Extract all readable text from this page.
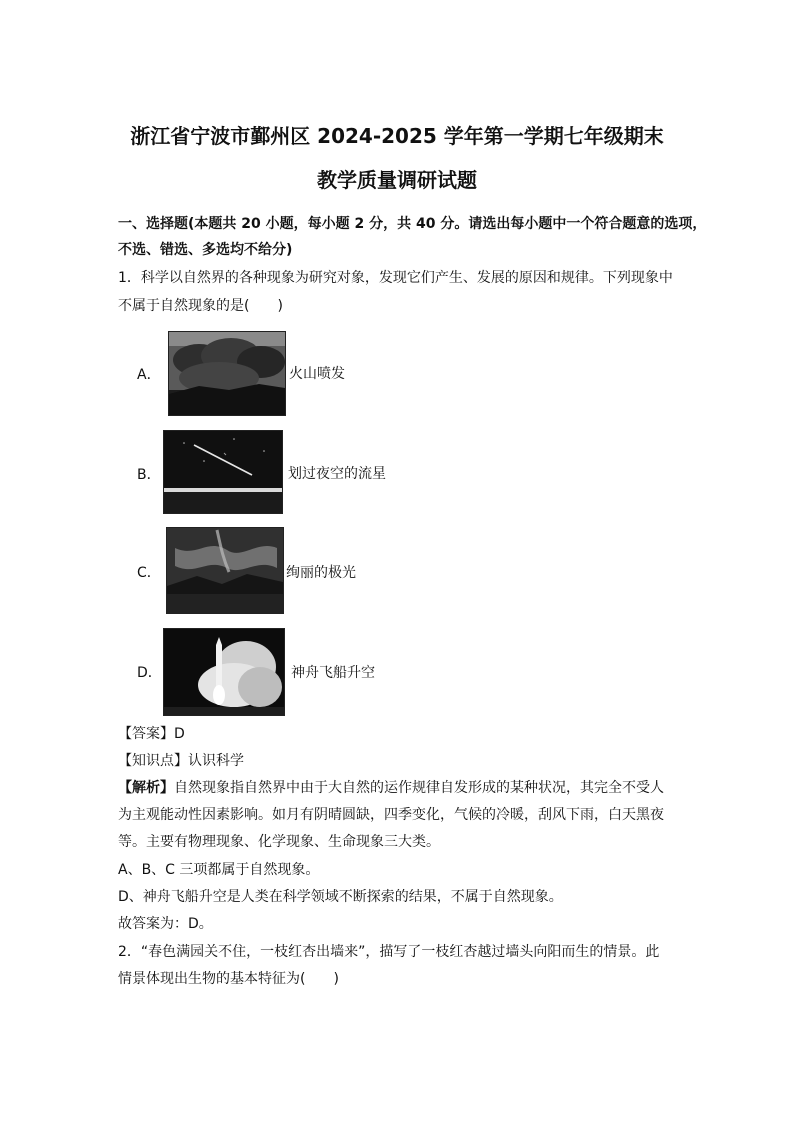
浙江省宁波市鄞州区 2024-2025 学年第一学期七年级期末
教学质量调研试题
一、选择题(本题共 20 小题，每小题 2 分，共 40 分。请选出每小题中一个符合题意的选项，
不选、错选、多选均不给分)
1．科学以自然界的各种现象为研究对象，发现它们产生、发展的原因和规律。下列现象中
不属于自然现象的是(　　)
A．	火山喷发
B．	划过夜空的流星
C．	绚丽的极光
D．	神舟飞船升空
【答案】D
【知识点】认识科学
【解析】自然现象指自然界中由于大自然的运作规律自发形成的某种状况，其完全不受人
为主观能动性因素影响。如月有阴晴圆缺，四季变化，气候的冷暖，刮风下雨，白天黑夜
等。主要有物理现象、化学现象、生命现象三大类。
A、B、C 三项都属于自然现象。
D、神舟飞船升空是人类在科学领域不断探索的结果，不属于自然现象。
故答案为：D。
2．“春色满园关不住，一枝红杏出墙来”，描写了一枝红杏越过墙头向阳而生的情景。此
情景体现出生物的基本特征为(　　)
